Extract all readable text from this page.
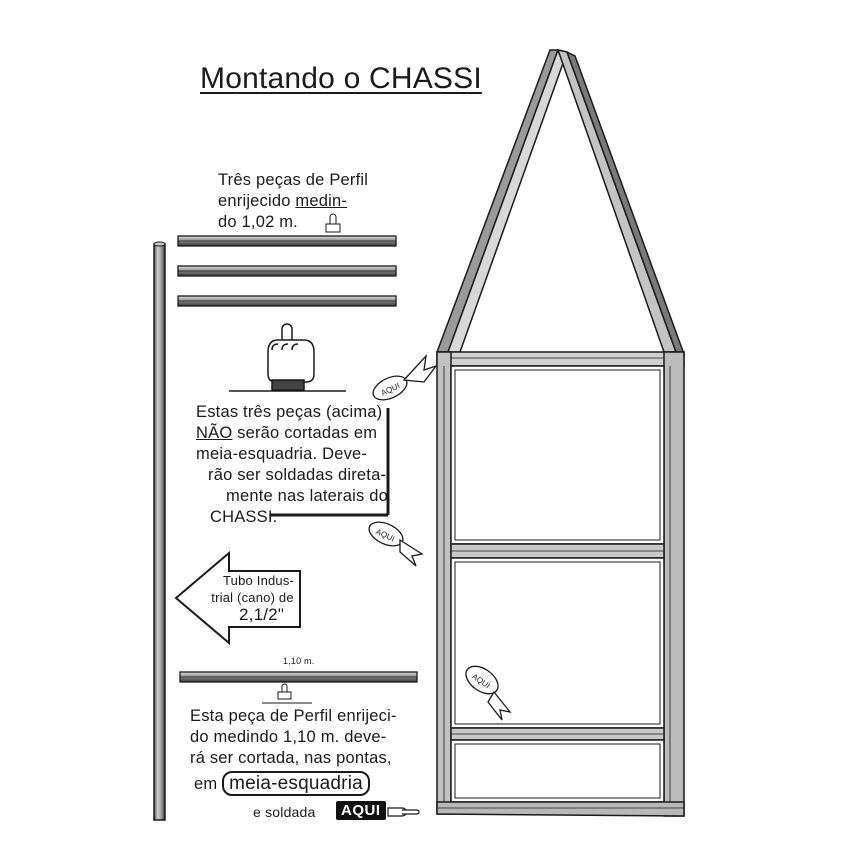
AQUI
AQUI
AQUI
Montando o CHASSI
Três peças de Perfil
enrijecido medin-
do 1,02 m.
Estas três peças (acima)
NÃO serão cortadas em
meia-esquadria. Deve-
rão ser soldadas direta-
mente nas laterais do
CHASSI.
Tubo Indus-
trial (cano) de
2,1/2"
1,10 m.
Esta peça de Perfil enrijeci-
do medindo 1,10 m. deve-
rá ser cortada, nas pontas,
em meia-esquadria
e soldada	AQUI
